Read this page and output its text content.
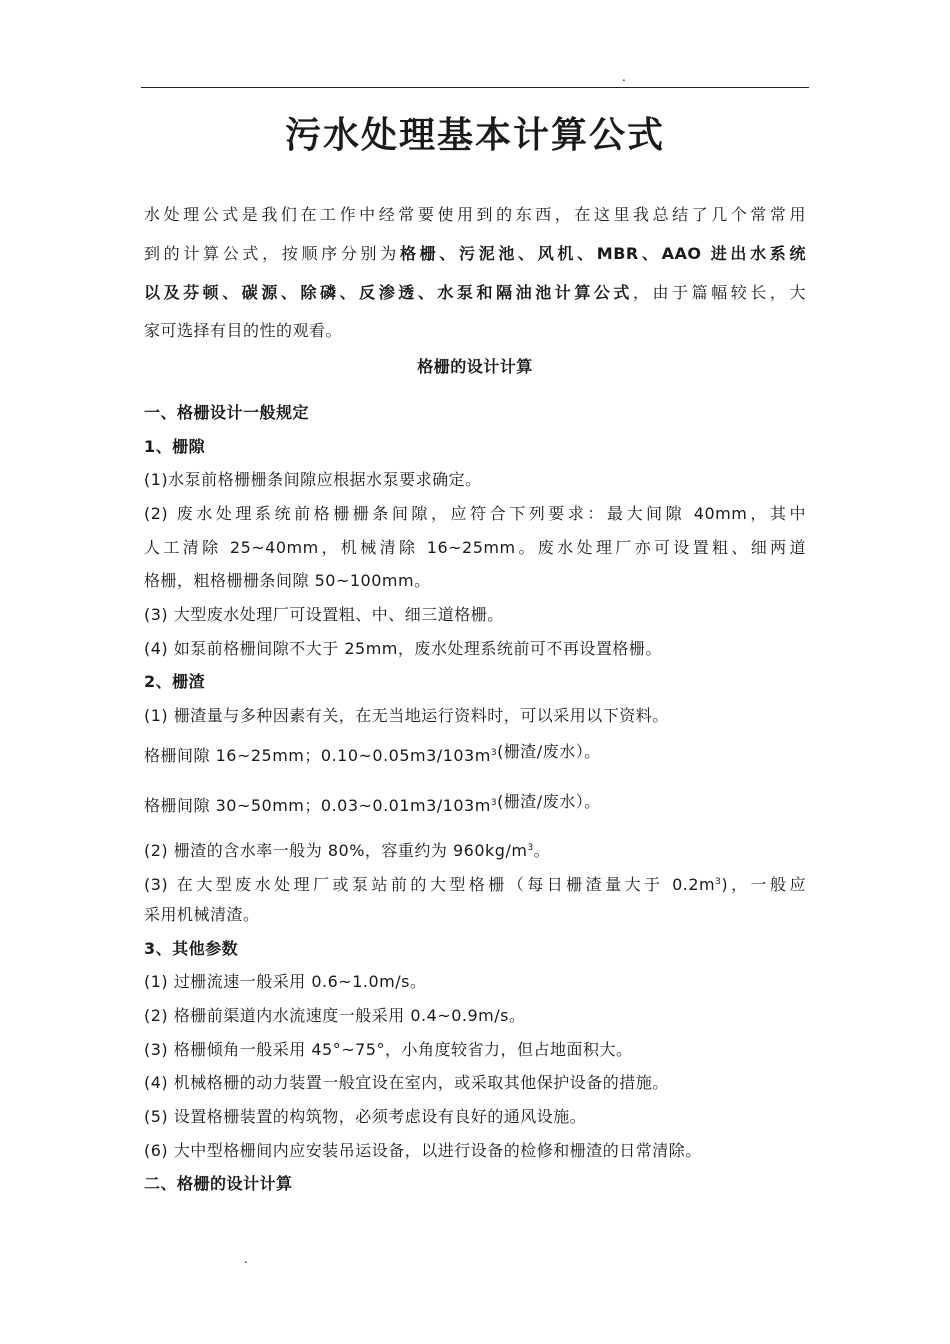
.
污水处理基本计算公式
水处理公式是我们在工作中经常要使用到的东西，在这里我总结了几个常常用
到的计算公式，按顺序分别为格栅、污泥池、风机、MBR、AAO 进出水系统
以及芬顿、碳源、除磷、反渗透、水泵和隔油池计算公式，由于篇幅较长，大
家可选择有目的性的观看。
格栅的设计计算
一、格栅设计一般规定
1、栅隙
(1)水泵前格栅栅条间隙应根据水泵要求确定。
(2) 废水处理系统前格栅栅条间隙，应符合下列要求：最大间隙 40mm，其中
人工清除 25~40mm，机械清除 16~25mm。废水处理厂亦可设置粗、细两道
格栅，粗格栅栅条间隙 50~100mm。
(3) 大型废水处理厂可设置粗、中、细三道格栅。
(4) 如泵前格栅间隙不大于 25mm，废水处理系统前可不再设置格栅。
2、栅渣
(1) 栅渣量与多种因素有关，在无当地运行资料时，可以采用以下资料。
格栅间隙 16~25mm；$0.10\sim 0.05m3/103m^3$(栅渣/废水）。
格栅间隙 30~50mm；$0.03\sim 0.01m3/103m^3$(栅渣/废水）。
(2) 栅渣的含水率一般为 80%，容重约为 $960kg/m^3$。
(3) 在大型废水处理厂或泵站前的大型格栅（每日栅渣量大于 $0.2m^3$)，一般应
采用机械清渣。
3、其他参数
(1) 过栅流速一般采用 0.6~1.0m/s。
(2) 格栅前渠道内水流速度一般采用 0.4~0.9m/s。
(3) 格栅倾角一般采用 45°~75°，小角度较省力，但占地面积大。
(4) 机械格栅的动力装置一般宜设在室内，或采取其他保护设备的措施。
(5) 设置格栅装置的构筑物，必须考虑设有良好的通风设施。
(6) 大中型格栅间内应安装吊运设备，以进行设备的检修和栅渣的日常清除。
二、格栅的设计计算
.
